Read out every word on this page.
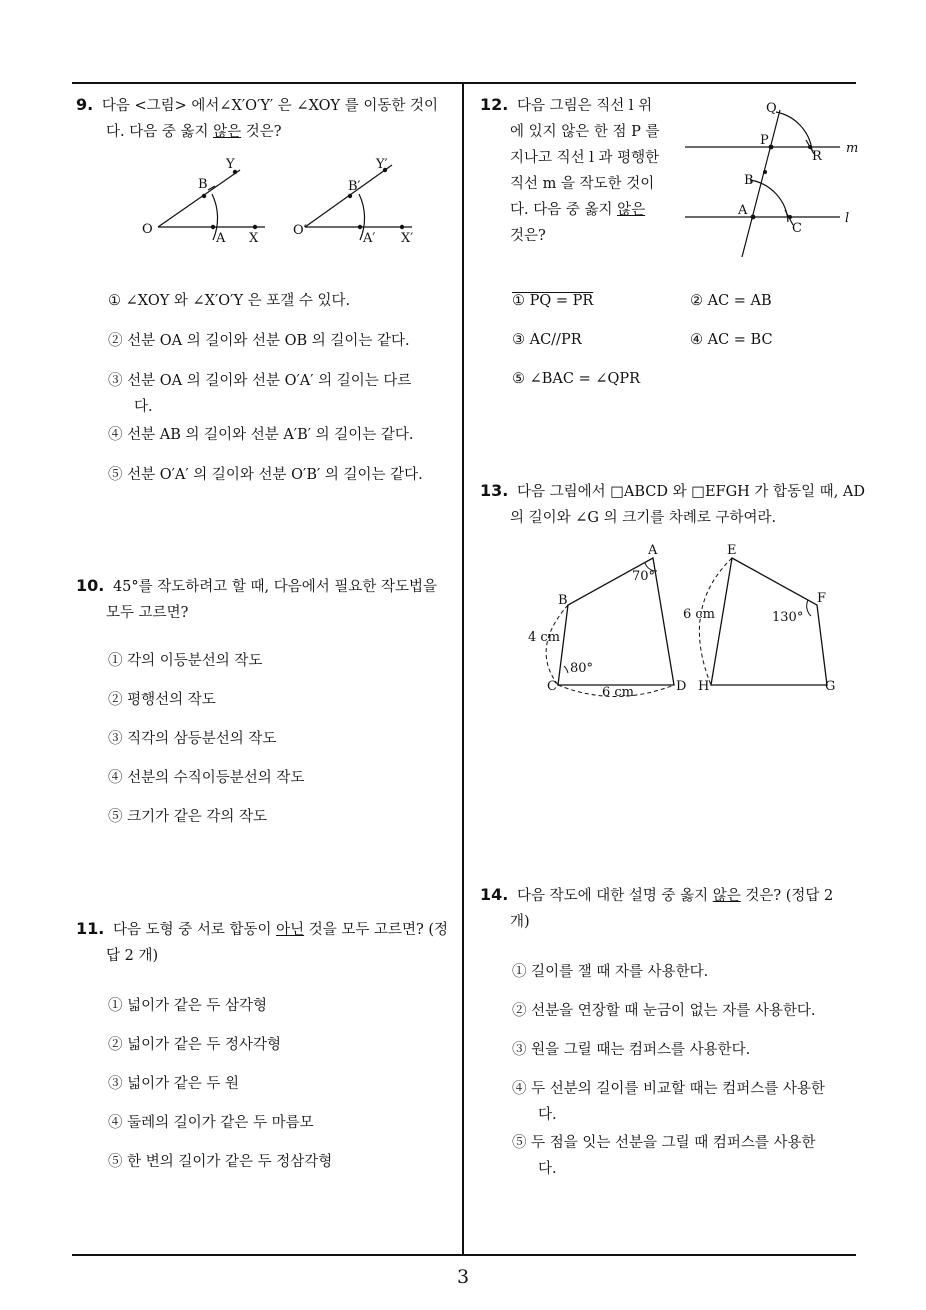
9. 다음 <그림> 에서∠X′O′Y′ 은 ∠XOY 를 이동한 것이
다. 다음 중 옳지 않은 것은?
Y
B
O
A X
Y′
B′
O′
A′ X′
① ∠XOY 와 ∠X′O′Y 은 포갤 수 있다.
② 선분 OA 의 길이와 선분 OB 의 길이는 같다.
③ 선분 OA 의 길이와 선분 O′A′ 의 길이는 다르
다.
④ 선분 AB 의 길이와 선분 A′B′ 의 길이는 같다.
⑤ 선분 O′A′ 의 길이와 선분 O′B′ 의 길이는 같다.
10. 45°를 작도하려고 할 때, 다음에서 필요한 작도법을
모두 고르면?
① 각의 이등분선의 작도
② 평행선의 작도
③ 직각의 삼등분선의 작도
④ 선분의 수직이등분선의 작도
⑤ 크기가 같은 각의 작도
11. 다음 도형 중 서로 합동이 아닌 것을 모두 고르면? (정
답 2 개)
① 넓이가 같은 두 삼각형
② 넓이가 같은 두 정사각형
③ 넓이가 같은 두 원
④ 둘레의 길이가 같은 두 마름모
⑤ 한 변의 길이가 같은 두 정삼각형
12. 다음 그림은 직선 l 위
에 있지 않은 한 점 P 를
지나고 직선 l 과 평행한
직선 m 을 작도한 것이
다. 다음 중 옳지 않은
것은?
Q
P
R
m
B
A
C
l
① PQ = PR	② AC = AB
③ AC//PR	④ AC = BC
⑤ ∠BAC = ∠QPR
13. 다음 그림에서 □ABCD 와 □EFGH 가 합동일 때, AD
의 길이와 ∠G 의 크기를 차례로 구하여라.
A
B
C	D
E
F
G
H
70°
80°
130°
4 cm
6 cm
6 cm
14. 다음 작도에 대한 설명 중 옳지 않은 것은? (정답 2
개)
① 길이를 잴 때 자를 사용한다.
② 선분을 연장할 때 눈금이 없는 자를 사용한다.
③ 원을 그릴 때는 컴퍼스를 사용한다.
④ 두 선분의 길이를 비교할 때는 컴퍼스를 사용한
다.
⑤ 두 점을 잇는 선분을 그릴 때 컴퍼스를 사용한
다.
3
